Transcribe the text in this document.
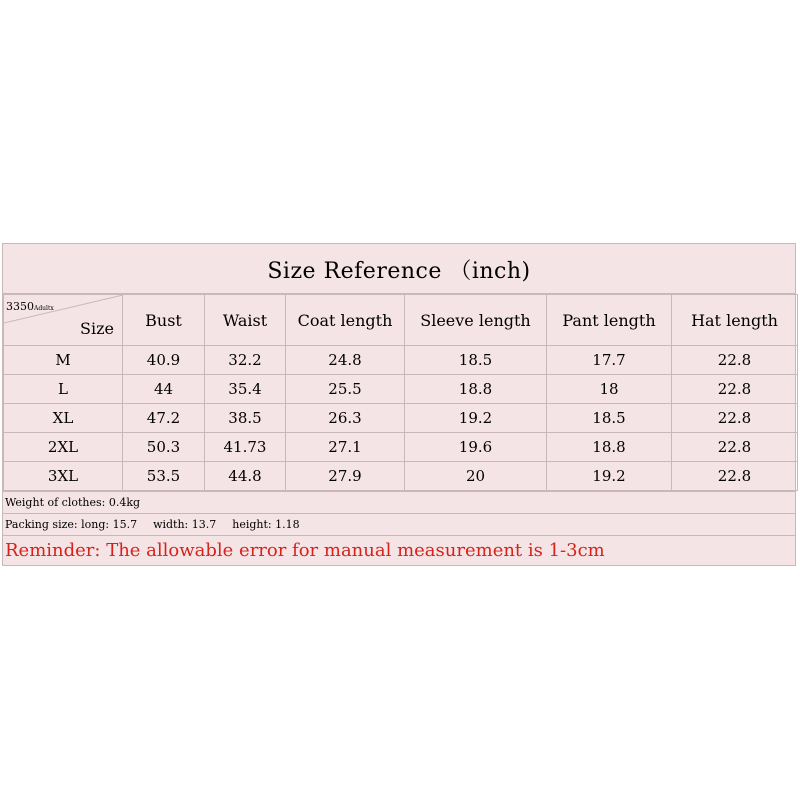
Size Reference （inch)
3350Adultx
Size	Bust	Waist	Coat length	Sleeve length	Pant length	Hat length
M	40.9	32.2	24.8	18.5	17.7	22.8
L	44	35.4	25.5	18.8	18	22.8
XL	47.2	38.5	26.3	19.2	18.5	22.8
2XL	50.3	41.73	27.1	19.6	18.8	22.8
3XL	53.5	44.8	27.9	20	19.2	22.8
Weight of clothes: 0.4kg
Packing size: long: 15.7 width: 13.7 height: 1.18
Reminder: The allowable error for manual measurement is 1-3cm
